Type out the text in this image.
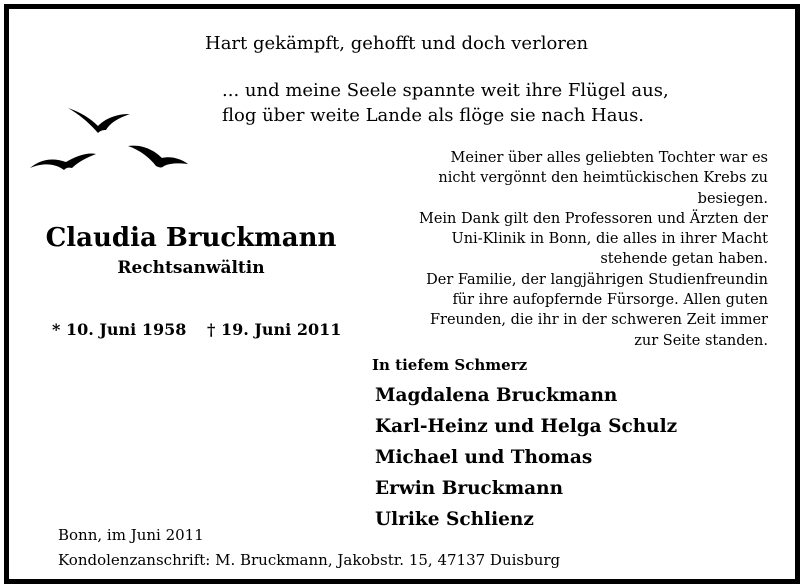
Hart gekämpft, gehofft und doch verloren
... und meine Seele spannte weit ihre Flügel aus,
flog über weite Lande als flöge sie nach Haus.
Claudia Bruckmann
Rechtsanwältin
* 10. Juni 1958 † 19. Juni 2011
Meiner über alles geliebten Tochter war es
nicht vergönnt den heimtückischen Krebs zu
besiegen.
Mein Dank gilt den Professoren und Ärzten der
Uni-Klinik in Bonn, die alles in ihrer Macht
stehende getan haben.
Der Familie, der langjährigen Studienfreundin
für ihre aufopfernde Fürsorge. Allen guten
Freunden, die ihr in der schweren Zeit immer
zur Seite standen.
In tiefem Schmerz
Magdalena Bruckmann
Karl-Heinz und Helga Schulz
Michael und Thomas
Erwin Bruckmann
Ulrike Schlienz
Bonn, im Juni 2011
Kondolenzanschrift: M. Bruckmann, Jakobstr. 15, 47137 Duisburg
